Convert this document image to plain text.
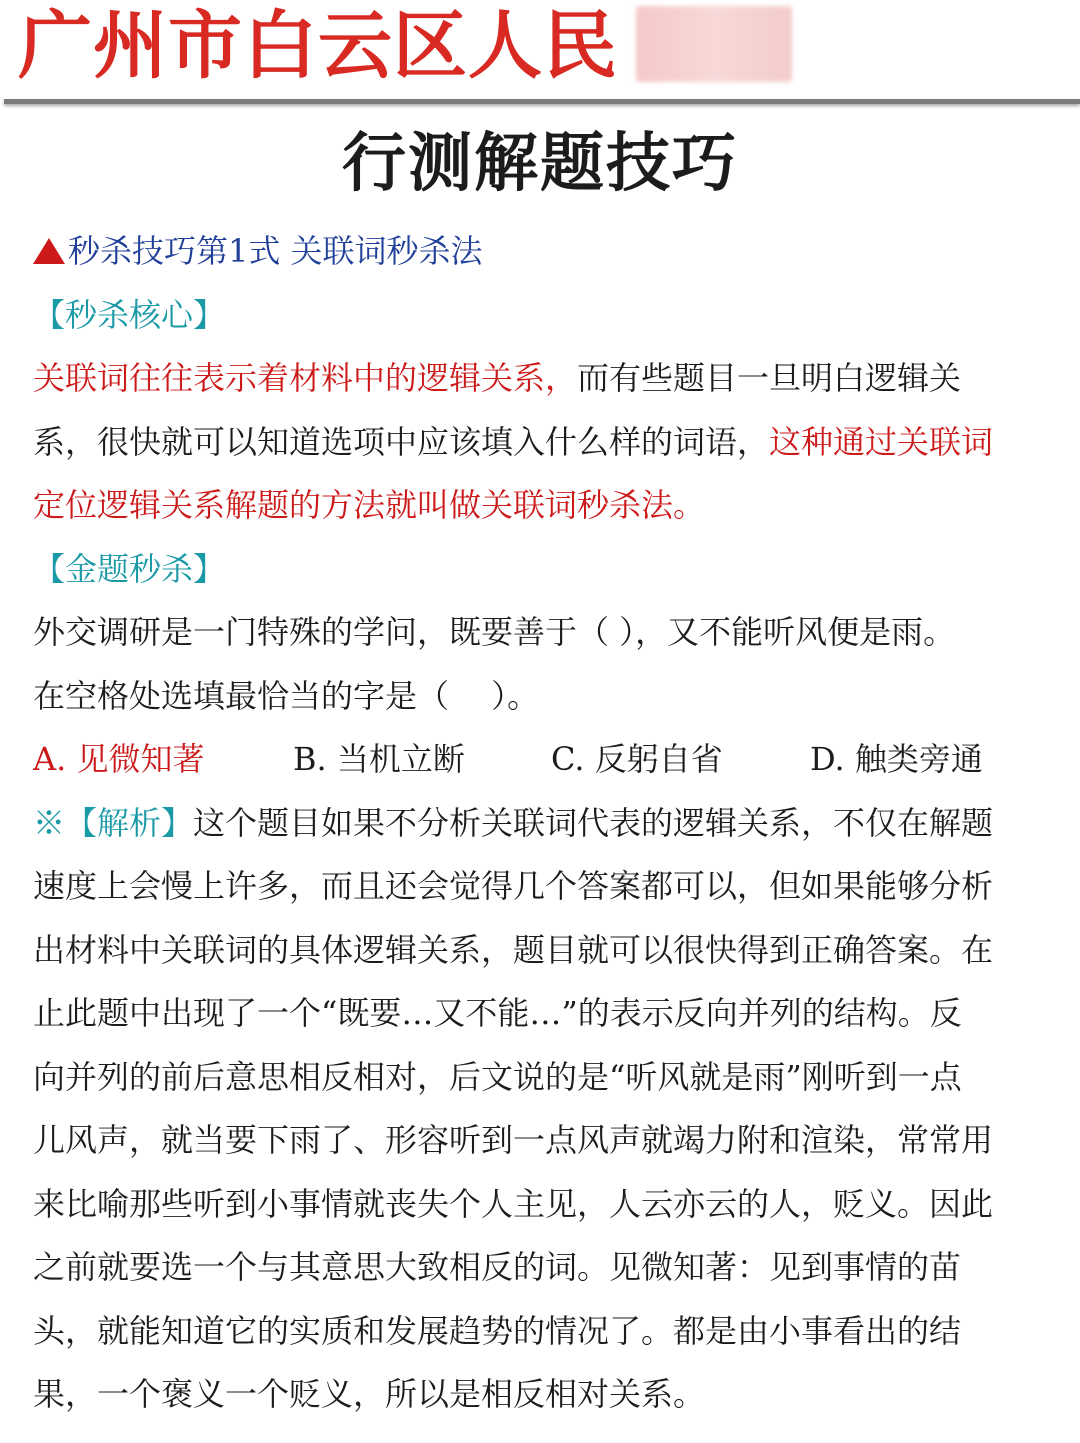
广州市白云区人民
行测解题技巧
秒杀技巧第1式 关联词秒杀法
【秒杀核心】
关联词往往表示着材料中的逻辑关系，而有些题目一旦明白逻辑关
系，很快就可以知道选项中应该填入什么样的词语，这种通过关联词
定位逻辑关系解题的方法就叫做关联词秒杀法。
【金题秒杀】
外交调研是一门特殊的学问，既要善于（ ），又不能听风便是雨。
在空格处选填最恰当的字是（　 ）。
A. 见微知著	B. 当机立断	C. 反躬自省	D. 触类旁通
※【解析】这个题目如果不分析关联词代表的逻辑关系，不仅在解题
速度上会慢上许多，而且还会觉得几个答案都可以，但如果能够分析
出材料中关联词的具体逻辑关系，题目就可以很快得到正确答案。在
止此题中出现了一个“既要…又不能…”的表示反向并列的结构。反
向并列的前后意思相反相对，后文说的是“听风就是雨”刚听到一点
儿风声，就当要下雨了、形容听到一点风声就竭力附和渲染，常常用
来比喻那些听到小事情就丧失个人主见，人云亦云的人，贬义。因此
之前就要选一个与其意思大致相反的词。见微知著：见到事情的苗
头，就能知道它的实质和发展趋势的情况了。都是由小事看出的结
果，一个褒义一个贬义，所以是相反相对关系。
